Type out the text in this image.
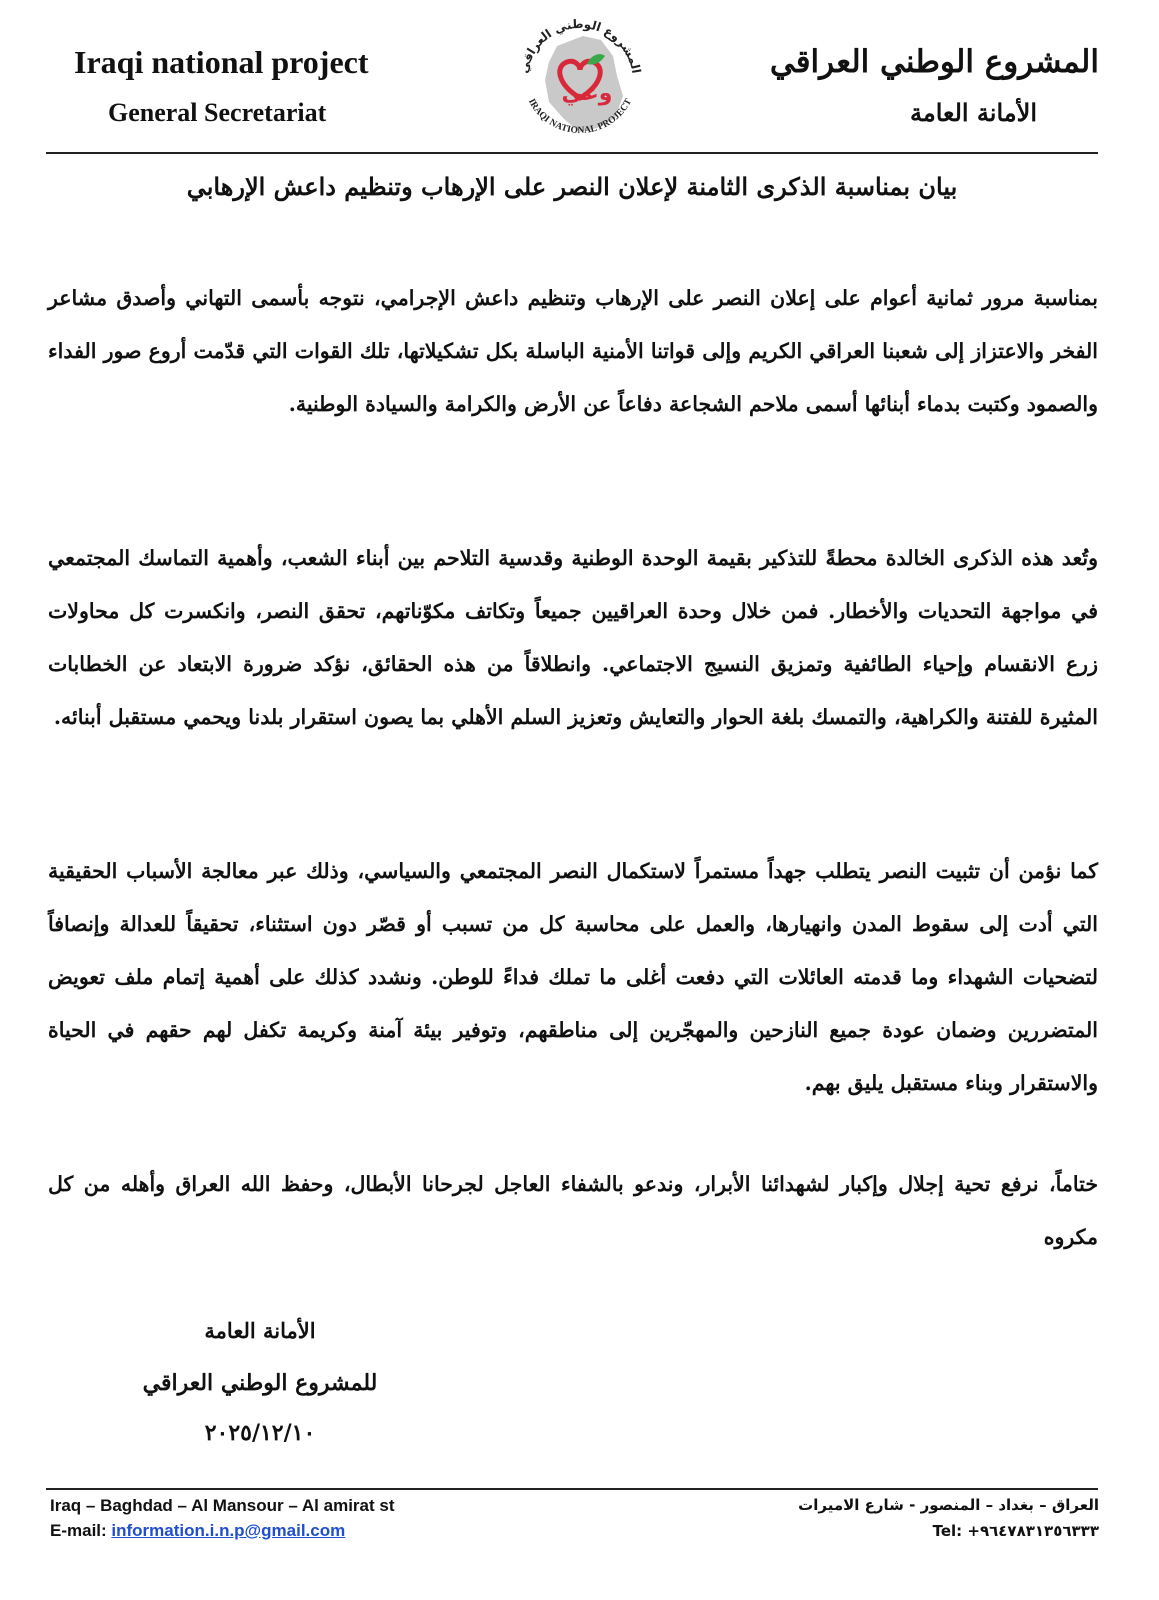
Iraqi national project
General Secretariat
المشروع الوطني العراقي
الأمانة العامة
وعي
المشروع الوطني العراقي
IRAQI NATIONAL PROJECT
بيان بمناسبة الذكرى الثامنة لإعلان النصر على الإرهاب وتنظيم داعش الإرهابي

بمناسبة مرور ثمانية أعوام على إعلان النصر على الإرهاب وتنظيم داعش الإجرامي، نتوجه بأسمى التهاني وأصدق مشاعر الفخر والاعتزاز إلى شعبنا العراقي الكريم وإلى قواتنا الأمنية الباسلة بكل تشكيلاتها، تلك القوات التي قدّمت أروع صور الفداء والصمود وكتبت بدماء أبنائها أسمى ملاحم الشجاعة دفاعاً عن الأرض والكرامة والسيادة الوطنية.

وتُعد هذه الذكرى الخالدة محطةً للتذكير بقيمة الوحدة الوطنية وقدسية التلاحم بين أبناء الشعب، وأهمية التماسك المجتمعي في مواجهة التحديات والأخطار. فمن خلال وحدة العراقيين جميعاً وتكاتف مكوّناتهم، تحقق النصر، وانكسرت كل محاولات زرع الانقسام وإحياء الطائفية وتمزيق النسيج الاجتماعي. وانطلاقاً من هذه الحقائق، نؤكد ضرورة الابتعاد عن الخطابات المثيرة للفتنة والكراهية، والتمسك بلغة الحوار والتعايش وتعزيز السلم الأهلي بما يصون استقرار بلدنا ويحمي مستقبل أبنائه.

كما نؤمن أن تثبيت النصر يتطلب جهداً مستمراً لاستكمال النصر المجتمعي والسياسي، وذلك عبر معالجة الأسباب الحقيقية التي أدت إلى سقوط المدن وانهيارها، والعمل على محاسبة كل من تسبب أو قصّر دون استثناء، تحقيقاً للعدالة وإنصافاً لتضحيات الشهداء وما قدمته العائلات التي دفعت أغلى ما تملك فداءً للوطن. ونشدد كذلك على أهمية إتمام ملف تعويض المتضررين وضمان عودة جميع النازحين والمهجّرين إلى مناطقهم، وتوفير بيئة آمنة وكريمة تكفل لهم حقهم في الحياة والاستقرار وبناء مستقبل يليق بهم.

ختاماً، نرفع تحية إجلال وإكبار لشهدائنا الأبرار، وندعو بالشفاء العاجل لجرحانا الأبطال، وحفظ الله العراق وأهله من كل مكروه

الأمانة العامة
للمشروع الوطني العراقي
٢٠٢٥/١٢/١٠
Iraq – Baghdad – Al Mansour – Al amirat st
E-mail: information.i.n.p@gmail.com
العراق – بغداد – المنصور - شارع الاميرات
Tel: +٩٦٤٧٨٣١٣٥٦٣٣٣
